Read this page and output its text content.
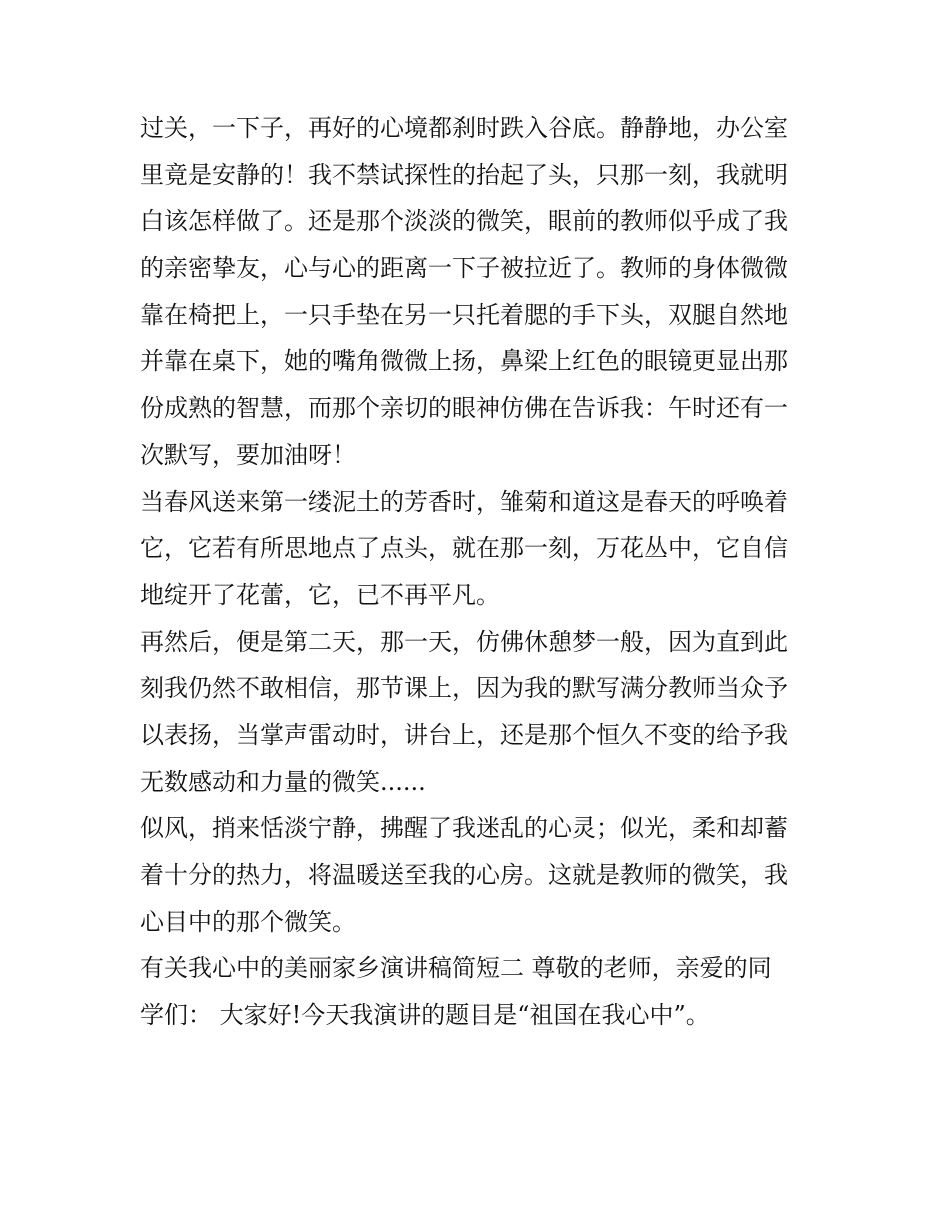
过关，一下子，再好的心境都刹时跌入谷底。静静地，办公室
里竟是安静的！我不禁试探性的抬起了头，只那一刻，我就明
白该怎样做了。还是那个淡淡的微笑，眼前的教师似乎成了我
的亲密挚友，心与心的距离一下子被拉近了。教师的身体微微
靠在椅把上，一只手垫在另一只托着腮的手下头，双腿自然地
并靠在桌下，她的嘴角微微上扬，鼻梁上红色的眼镜更显出那
份成熟的智慧，而那个亲切的眼神仿佛在告诉我：午时还有一
次默写，要加油呀！
当春风送来第一缕泥土的芳香时，雏菊和道这是春天的呼唤着
它，它若有所思地点了点头，就在那一刻，万花丛中，它自信
地绽开了花蕾，它，已不再平凡。
再然后，便是第二天，那一天，仿佛休憩梦一般，因为直到此
刻我仍然不敢相信，那节课上，因为我的默写满分教师当众予
以表扬，当掌声雷动时，讲台上，还是那个恒久不变的给予我
无数感动和力量的微笑......
似风，捎来恬淡宁静，拂醒了我迷乱的心灵；似光，柔和却蓄
着十分的热力，将温暖送至我的心房。这就是教师的微笑，我
心目中的那个微笑。
有关我心中的美丽家乡演讲稿简短二 尊敬的老师，亲爱的同
学们： 大家好!今天我演讲的题目是“祖国在我心中”。
